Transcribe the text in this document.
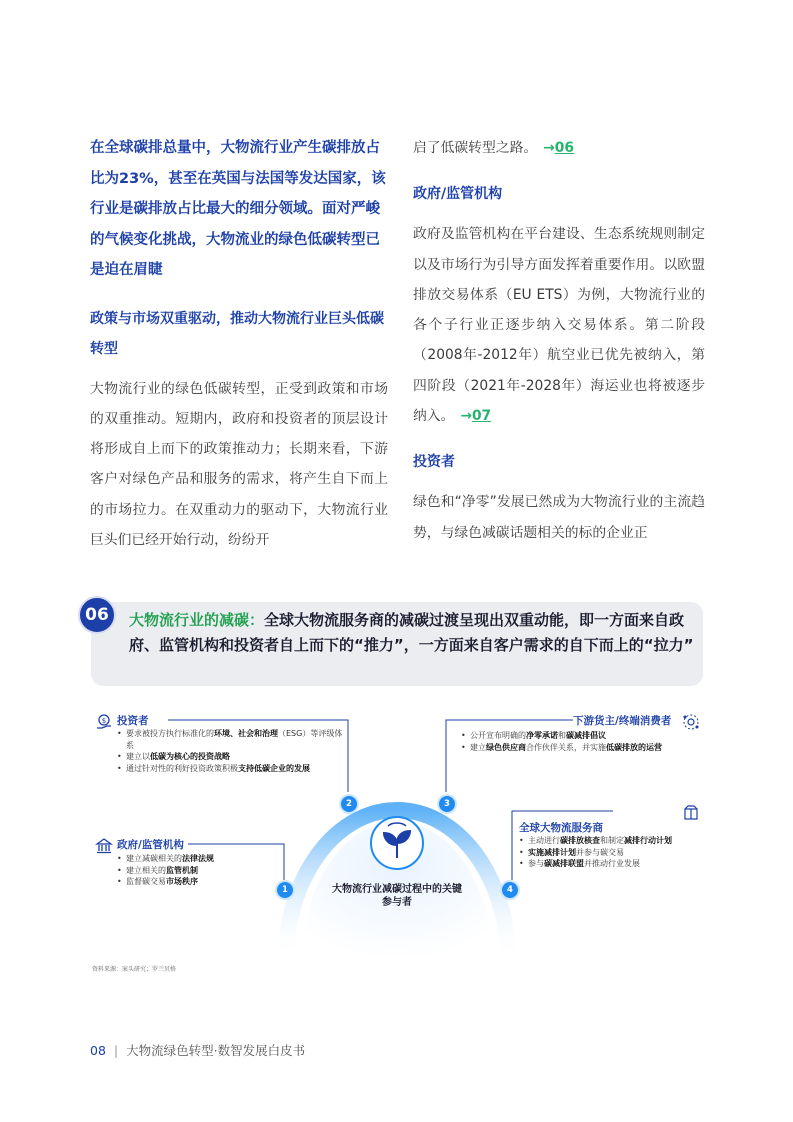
在全球碳排总量中，大物流行业产生碳排放占比为23%，甚至在英国与法国等发达国家，该行业是碳排放占比最大的细分领域。面对严峻的气候变化挑战，大物流业的绿色低碳转型已是迫在眉睫

政策与市场双重驱动，推动大物流行业巨头低碳转型

大物流行业的绿色低碳转型，正受到政策和市场的双重推动。短期内，政府和投资者的顶层设计将形成自上而下的政策推动力；长期来看，下游客户对绿色产品和服务的需求，将产生自下而上的市场拉力。在双重动力的驱动下，大物流行业巨头们已经开始行动，纷纷开

启了低碳转型之路。 →06

政府/监管机构

政府及监管机构在平台建设、生态系统规则制定以及市场行为引导方面发挥着重要作用。以欧盟排放交易体系（EU ETS）为例，大物流行业的各个子行业正逐步纳入交易体系。第二阶段（2008年-2012年）航空业已优先被纳入，第四阶段（2021年-2028年）海运业也将被逐步纳入。 →07

投资者

绿色和“净零”发展已然成为大物流行业的主流趋势，与绿色减碳话题相关的标的企业正

大物流行业的减碳：全球大物流服务商的减碳过渡呈现出双重动能，即一方面来自政府、监管机构和投资者自上而下的“推力”，一方面来自客户需求的自下而上的“拉力”
06
$ 投资者
• 要求被投方执行标准化的环境、社会和治理（ESG）等评级体系
• 建立以低碳为核心的投资战略
• 通过针对性的利好投资政策积极支持低碳企业的发展
政府/监管机构
• 建立减碳相关的法律法规
• 建立相关的监管机制
• 监督碳交易市场秩序
下游货主/终端消费者
• 公开宣布明确的净零承诺和碳减排倡议
• 建立绿色供应商合作伙伴关系，并实施低碳排放的运营
全球大物流服务商
• 主动进行碳排放核查和制定减排行动计划
• 实施减排计划并参与碳交易
• 参与碳减排联盟并推动行业发展
1
2	3
4
大物流行业减碳过程中的关键参与者
资料来源：案头研究；罗兰贝格
08 | 大物流绿色转型·数智发展白皮书
